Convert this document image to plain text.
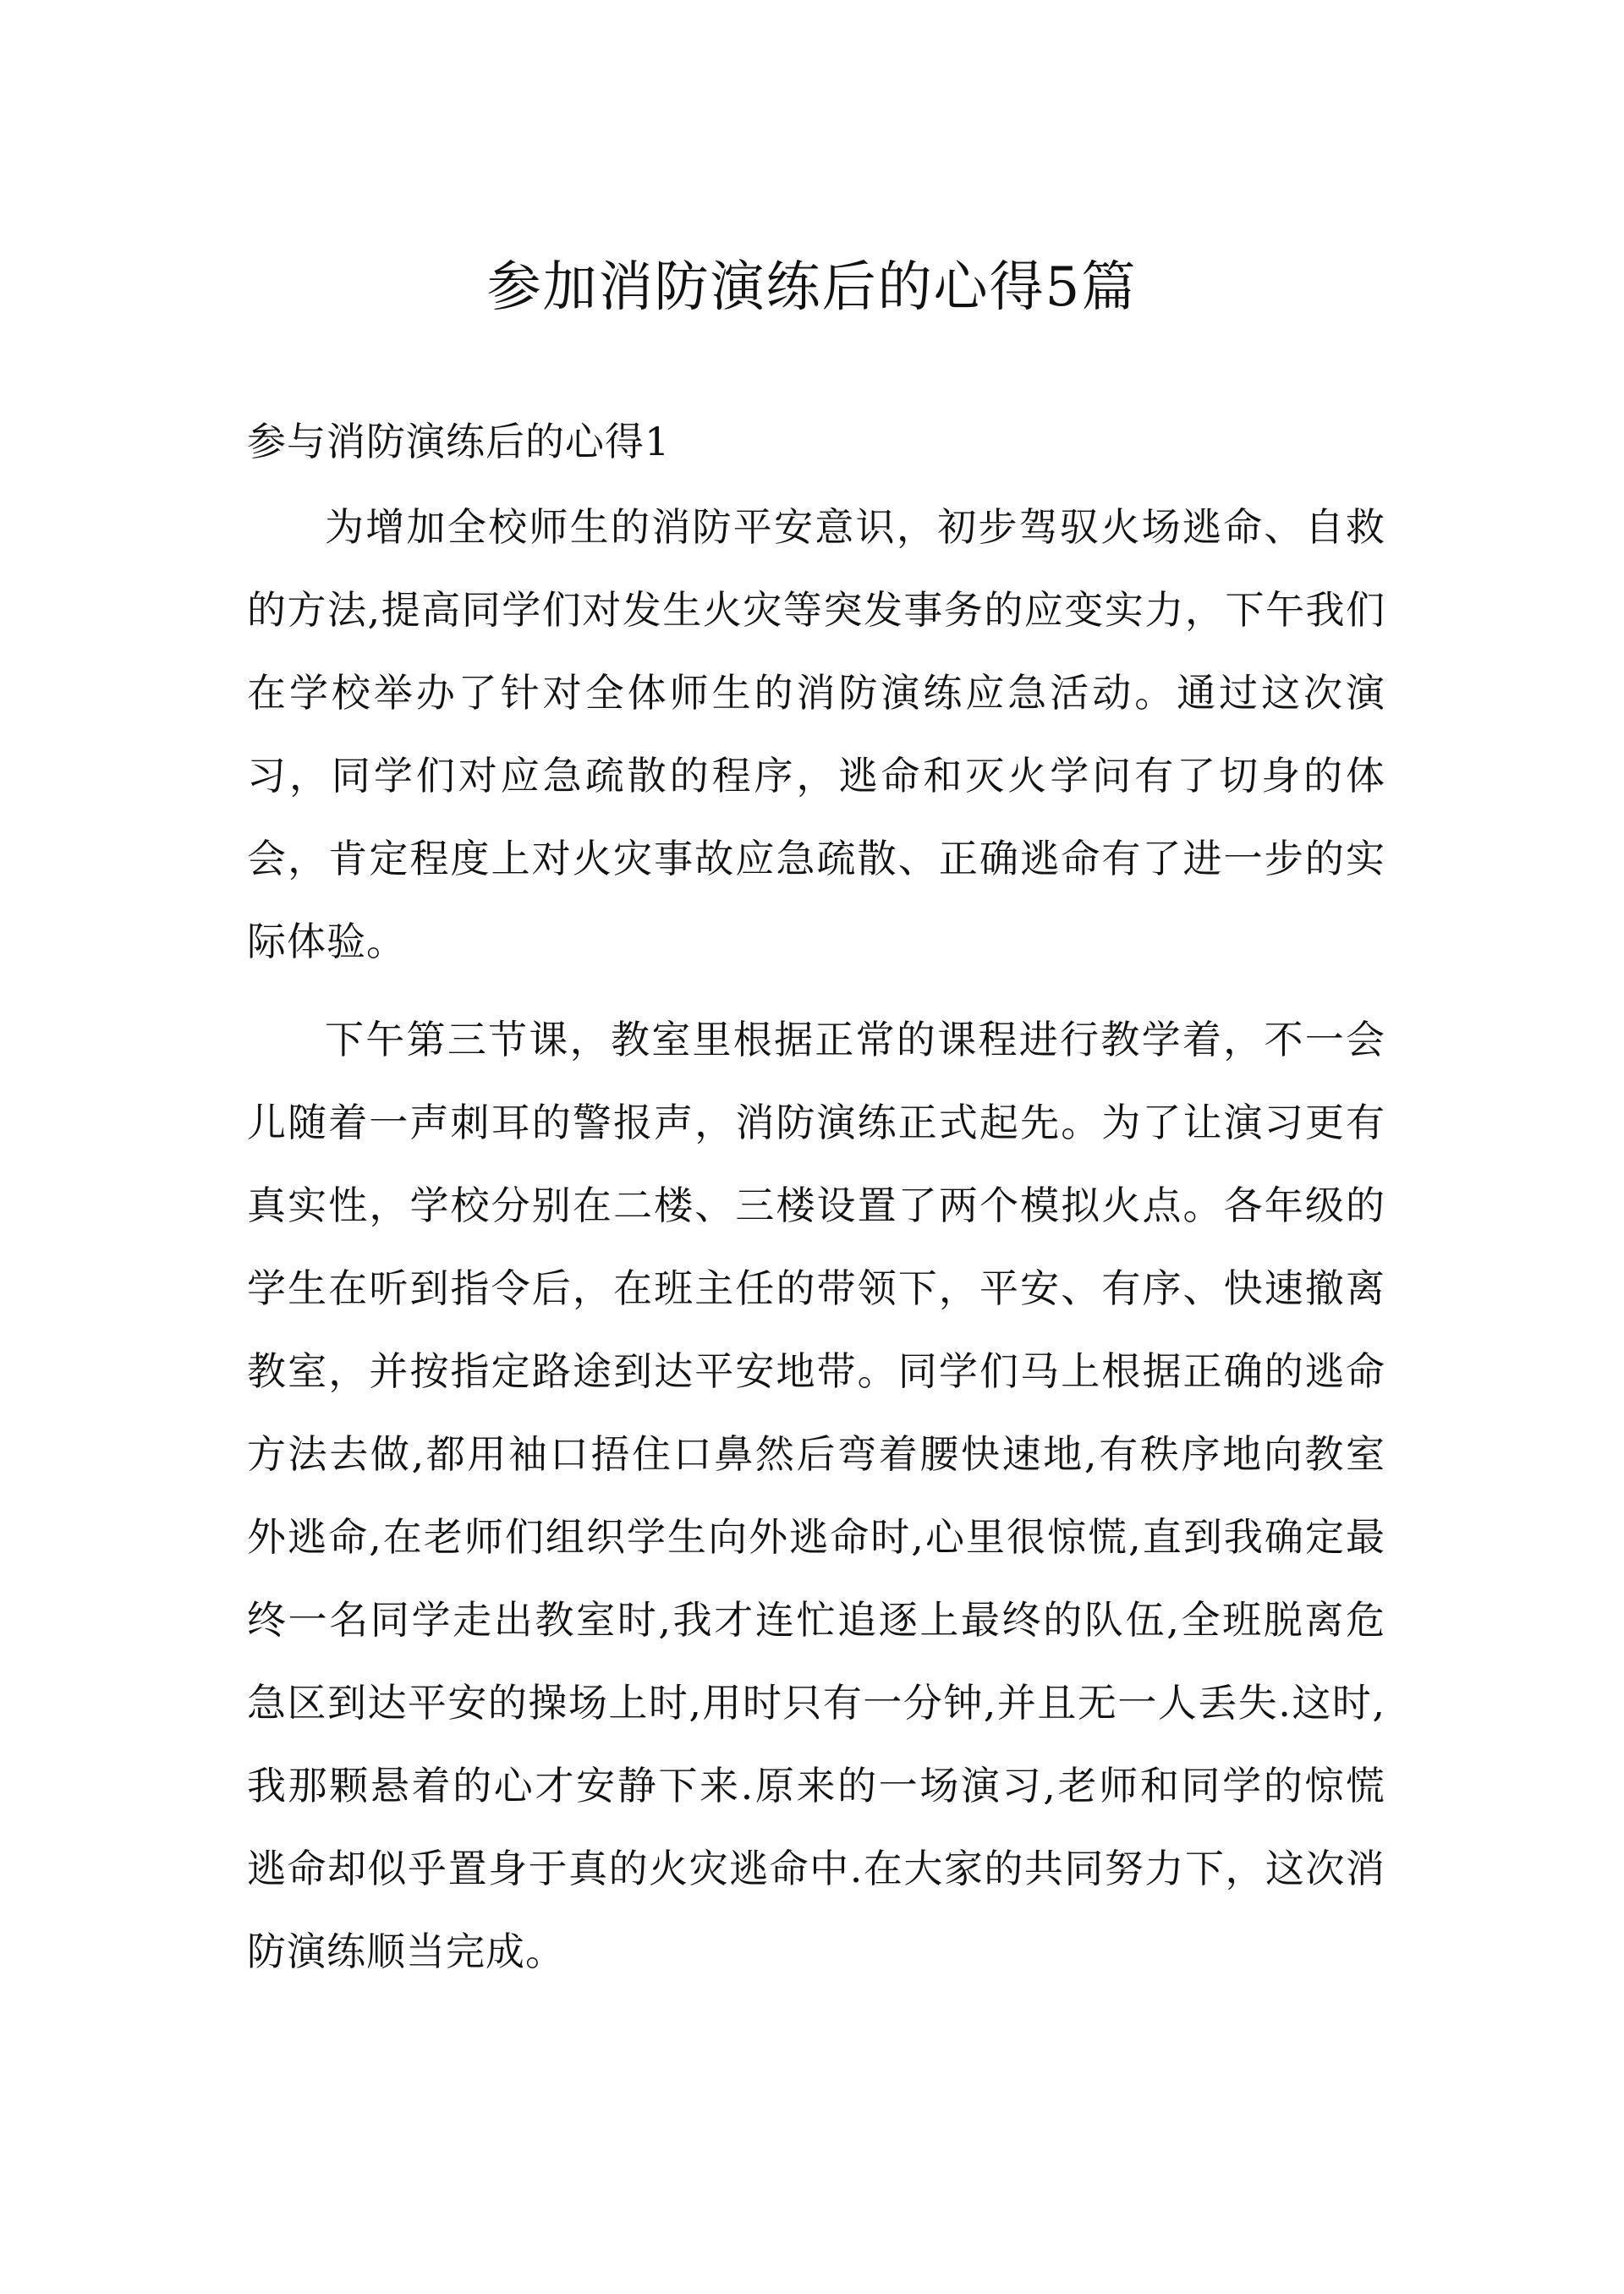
参加消防演练后的心得5篇
参与消防演练后的心得1

为增加全校师生的消防平安意识，初步驾驭火场逃命、自救的方法,提高同学们对发生火灾等突发事务的应变实力，下午我们在学校举办了针对全体师生的消防演练应急活动。通过这次演习，同学们对应急疏散的程序，逃命和灭火学问有了切身的体会，肯定程度上对火灾事故应急疏散、正确逃命有了进一步的实际体验。

下午第三节课，教室里根据正常的课程进行教学着，不一会儿随着一声刺耳的警报声，消防演练正式起先。为了让演习更有真实性，学校分别在二楼、三楼设置了两个模拟火点。各年级的学生在听到指令后，在班主任的带领下，平安、有序、快速撤离教室，并按指定路途到达平安地带。同学们马上根据正确的逃命方法去做,都用袖口捂住口鼻然后弯着腰快速地,有秩序地向教室外逃命,在老师们组织学生向外逃命时,心里很惊慌,直到我确定最终一名同学走出教室时,我才连忙追逐上最终的队伍,全班脱离危急区到达平安的操场上时,用时只有一分钟,并且无一人丢失.这时,我那颗悬着的心才安静下来.原来的一场演习,老师和同学的惊慌逃命却似乎置身于真的火灾逃命中.在大家的共同努力下，这次消防演练顺当完成。
